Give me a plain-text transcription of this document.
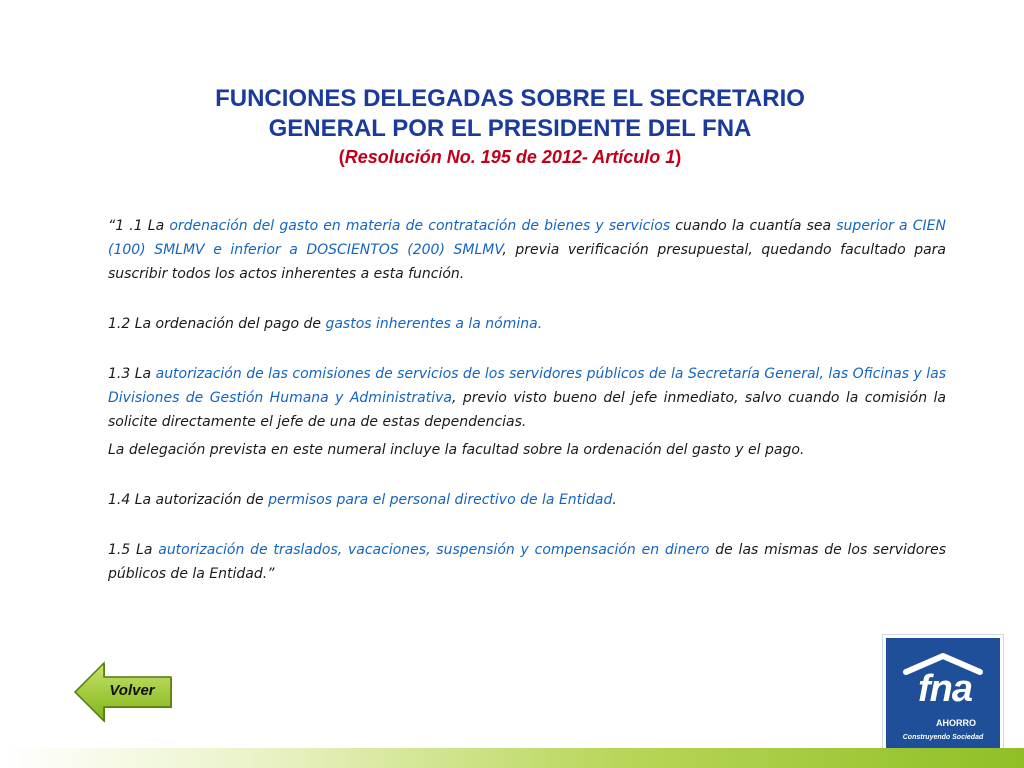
FUNCIONES DELEGADAS SOBRE EL SECRETARIO
GENERAL POR EL PRESIDENTE DEL FNA
(Resolución No. 195 de 2012- Artículo 1)

“1 .1 La ordenación del gasto en materia de contratación de bienes y servicios cuando la cuantía sea superior a CIEN (100) SMLMV e inferior a DOSCIENTOS (200) SMLMV, previa verificación presupuestal, quedando facultado para suscribir todos los actos inherentes a esta función.

1.2 La ordenación del pago de gastos inherentes a la nómina.

1.3 La autorización de las comisiones de servicios de los servidores públicos de la Secretaría General, las Oficinas y las Divisiones de Gestión Humana y Administrativa, previo visto bueno del jefe inmediato, salvo cuando la comisión la solicite directamente el jefe de una de estas dependencias.

La delegación prevista en este numeral incluye la facultad sobre la ordenación del gasto y el pago.

1.4 La autorización de permisos para el personal directivo de la Entidad.

1.5 La autorización de traslados, vacaciones, suspensión y compensación en dinero de las mismas de los servidores públicos de la Entidad.”

Volver	fna
AHORRO
Construyendo Sociedad
